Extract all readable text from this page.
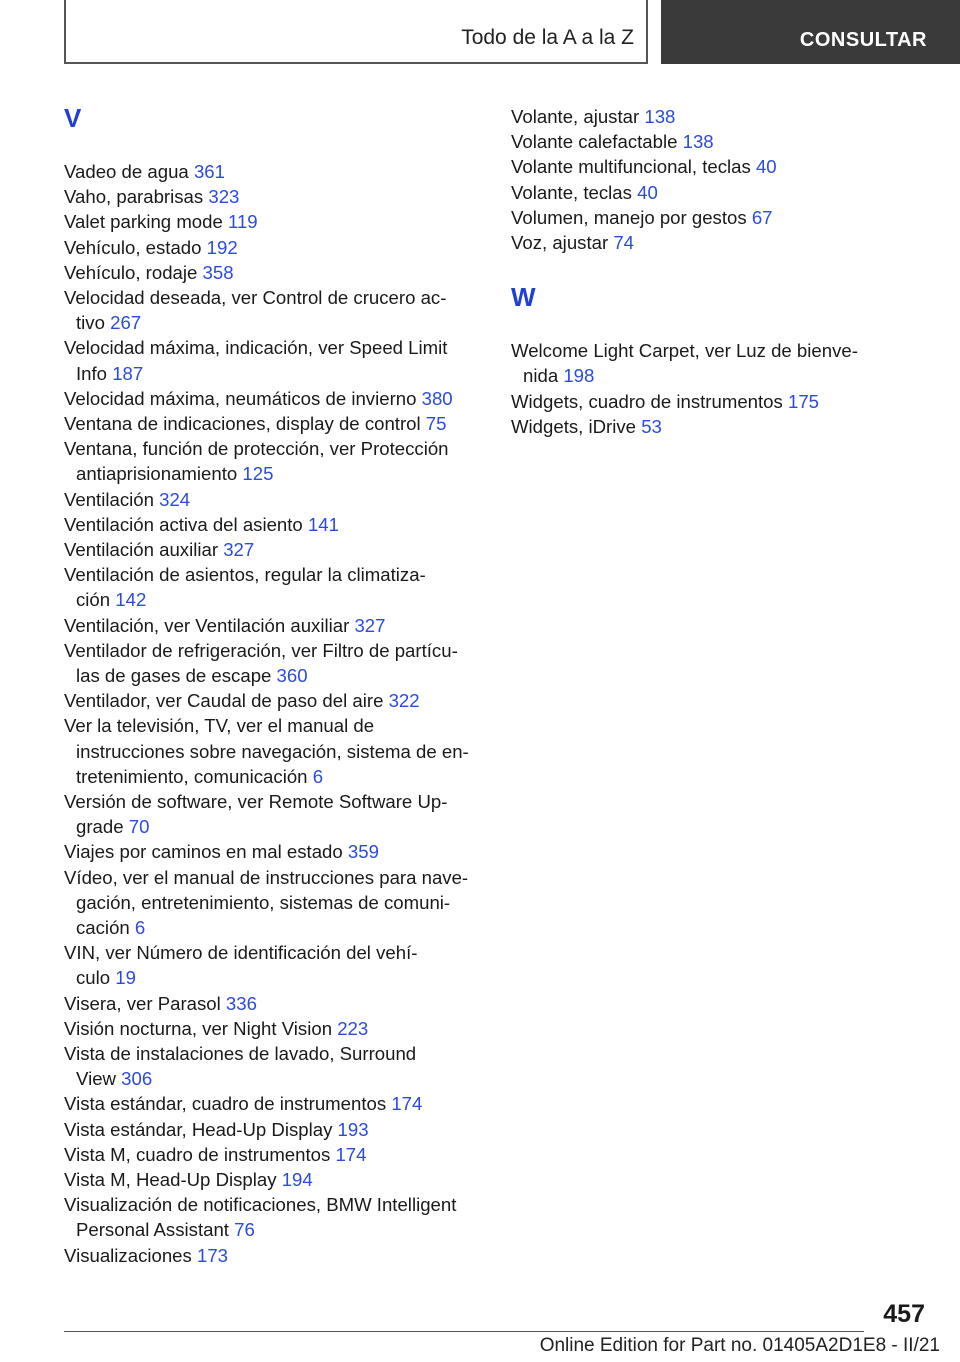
Todo de la A a la Z	CONSULTAR
V
Vadeo de agua 361
Vaho, parabrisas 323
Valet parking mode 119
Vehículo, estado 192
Vehículo, rodaje 358
Velocidad deseada, ver Control de crucero ac-
tivo 267
Velocidad máxima, indicación, ver Speed Limit
Info 187
Velocidad máxima, neumáticos de invierno 380
Ventana de indicaciones, display de control 75
Ventana, función de protección, ver Protección
antiaprisionamiento 125
Ventilación 324
Ventilación activa del asiento 141
Ventilación auxiliar 327
Ventilación de asientos, regular la climatiza-
ción 142
Ventilación, ver Ventilación auxiliar 327
Ventilador de refrigeración, ver Filtro de partícu-
las de gases de escape 360
Ventilador, ver Caudal de paso del aire 322
Ver la televisión, TV, ver el manual de
instrucciones sobre navegación, sistema de en-
tretenimiento, comunicación 6
Versión de software, ver Remote Software Up-
grade 70
Viajes por caminos en mal estado 359
Vídeo, ver el manual de instrucciones para nave-
gación, entretenimiento, sistemas de comuni-
cación 6
VIN, ver Número de identificación del vehí-
culo 19
Visera, ver Parasol 336
Visión nocturna, ver Night Vision 223
Vista de instalaciones de lavado, Surround
View 306
Vista estándar, cuadro de instrumentos 174
Vista estándar, Head-Up Display 193
Vista M, cuadro de instrumentos 174
Vista M, Head-Up Display 194
Visualización de notificaciones, BMW Intelligent
Personal Assistant 76
Visualizaciones 173
W
Volante, ajustar 138
Volante calefactable 138
Volante multifuncional, teclas 40
Volante, teclas 40
Volumen, manejo por gestos 67
Voz, ajustar 74
Welcome Light Carpet, ver Luz de bienve-
nida 198
Widgets, cuadro de instrumentos 175
Widgets, iDrive 53
457
Online Edition for Part no. 01405A2D1E8 - II/21
